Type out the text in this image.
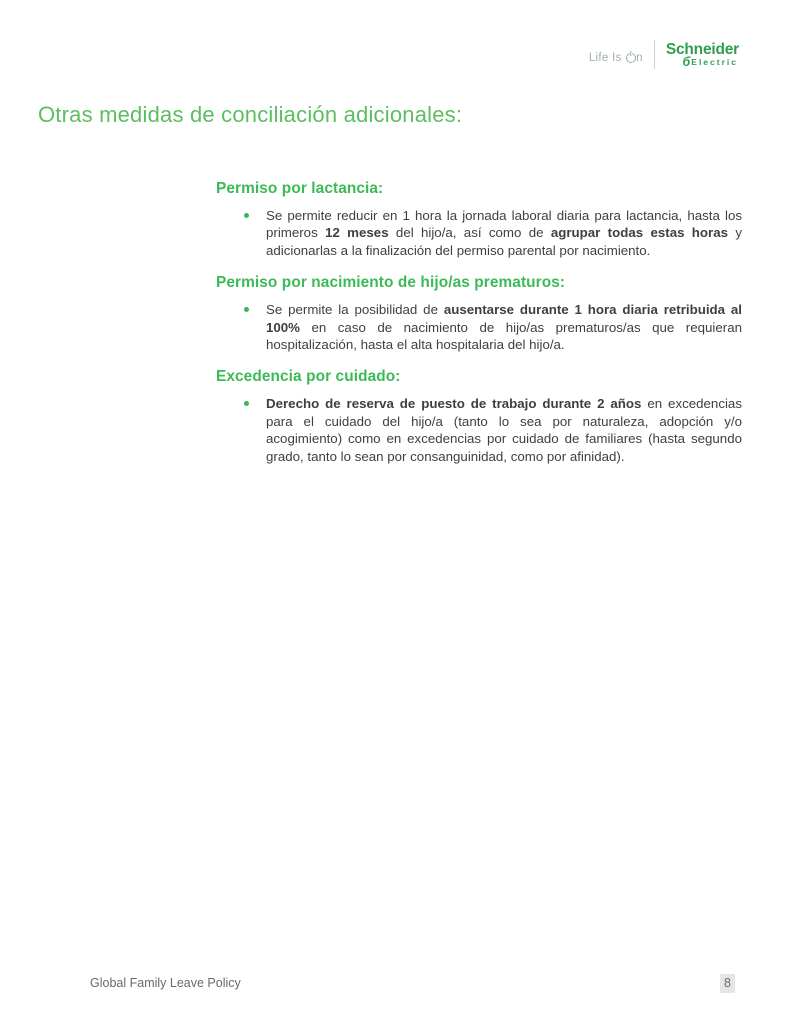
Life Is n Schneider
б Electric
Otras medidas de conciliación adicionales:
Permiso por lactancia:

Se permite reducir en 1 hora la jornada laboral diaria para lactancia, hasta los primeros 12 meses del hijo/a, así como de agrupar todas estas horas y adicionarlas a la finalización del permiso parental por nacimiento.

Permiso por nacimiento de hijo/as prematuros:

Se permite la posibilidad de ausentarse durante 1 hora diaria retribuida al 100% en caso de nacimiento de hijo/as prematuros/as que requieran hospitalización, hasta el alta hospitalaria del hijo/a.

Excedencia por cuidado:

Derecho de reserva de puesto de trabajo durante 2 años en excedencias para el cuidado del hijo/a (tanto lo sea por naturaleza, adopción y/o acogimiento) como en excedencias por cuidado de familiares (hasta segundo grado, tanto lo sean por consanguinidad, como por afinidad).

Global Family Leave Policy	8
